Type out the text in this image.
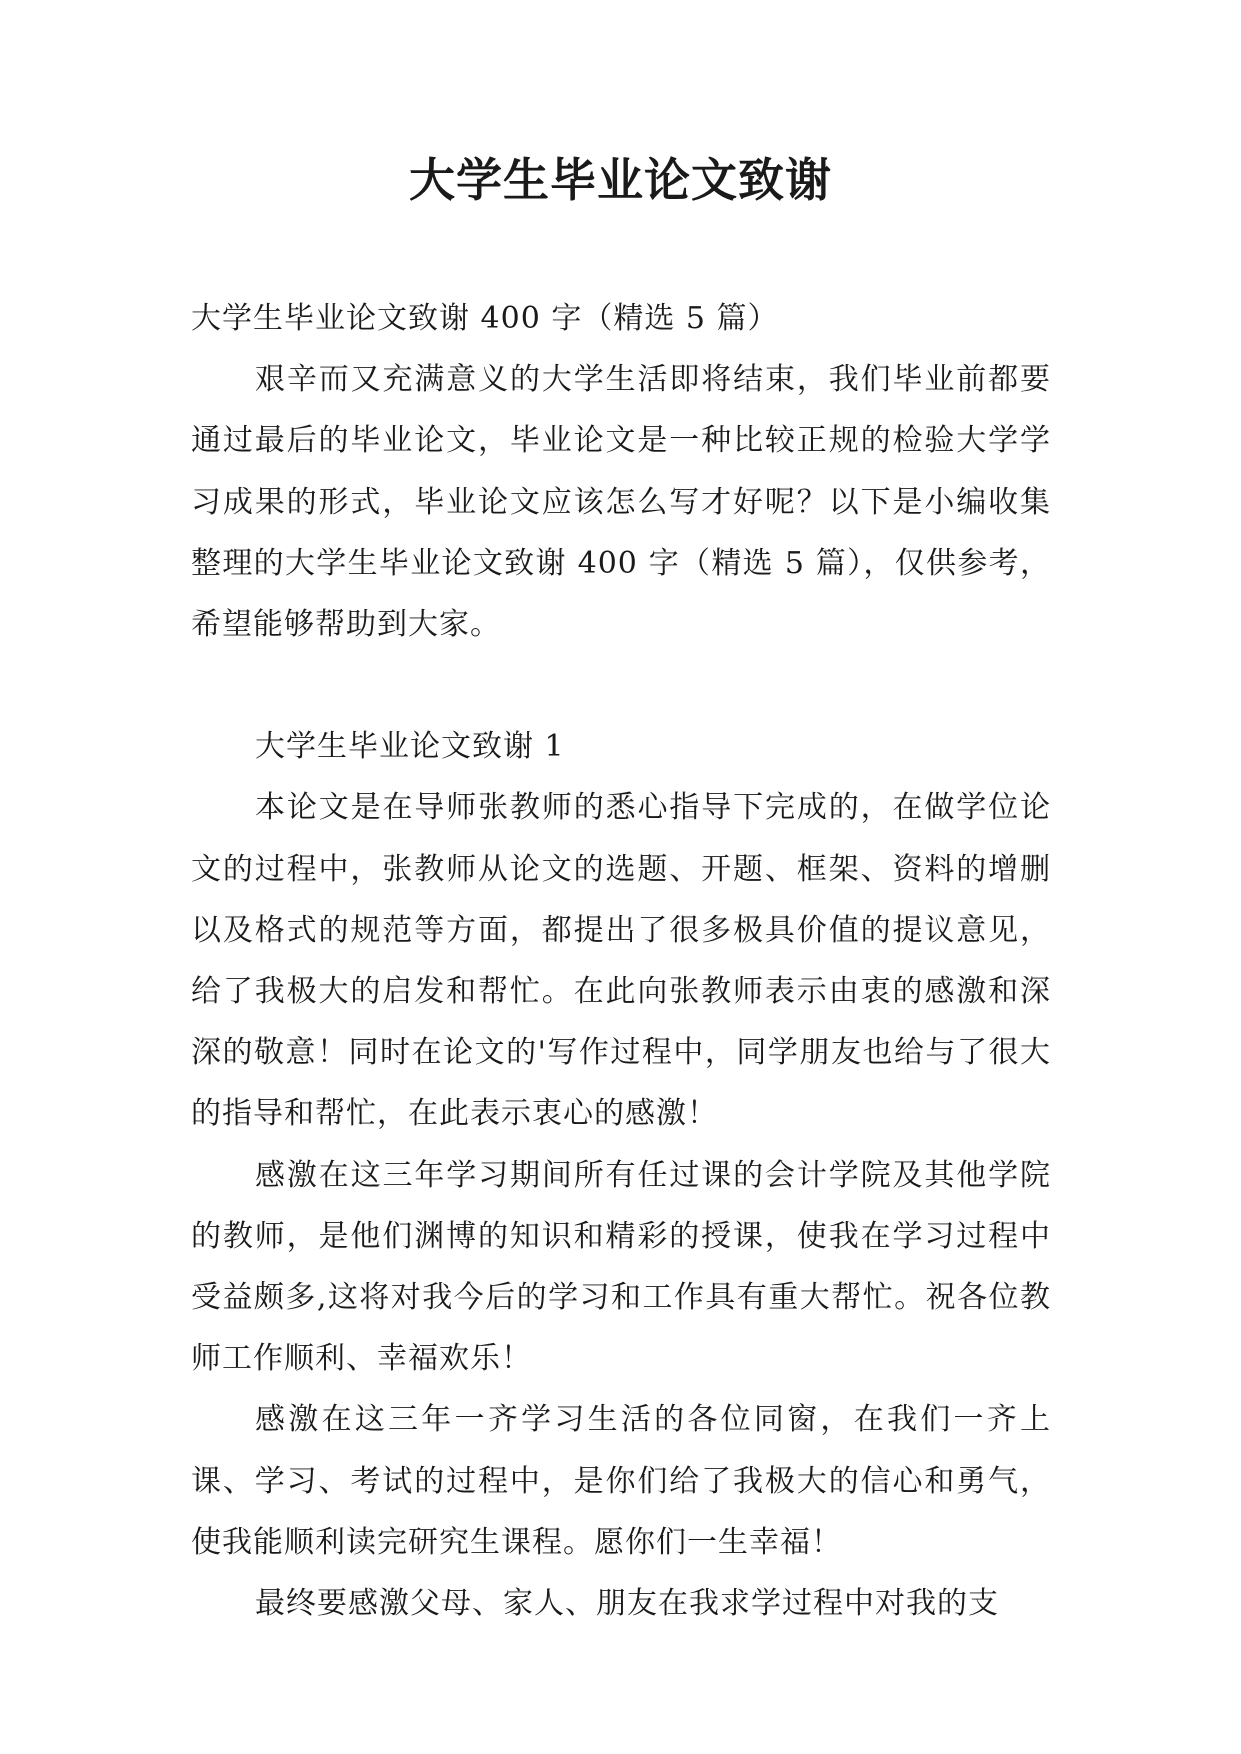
大学生毕业论文致谢

大学生毕业论文致谢 400 字（精选 5 篇）

艰辛而又充满意义的大学生活即将结束，我们毕业前都要通过最后的毕业论文，毕业论文是一种比较正规的检验大学学习成果的形式，毕业论文应该怎么写才好呢？以下是小编收集整理的大学生毕业论文致谢 400 字（精选 5 篇），仅供参考，希望能够帮助到大家。

大学生毕业论文致谢 1

本论文是在导师张教师的悉心指导下完成的，在做学位论文的过程中，张教师从论文的选题、开题、框架、资料的增删以及格式的规范等方面，都提出了很多极具价值的提议意见，给了我极大的启发和帮忙。在此向张教师表示由衷的感激和深深的敬意！同时在论文的'写作过程中，同学朋友也给与了很大的指导和帮忙，在此表示衷心的感激！

感激在这三年学习期间所有任过课的会计学院及其他学院的教师，是他们渊博的知识和精彩的授课，使我在学习过程中受益颇多,这将对我今后的学习和工作具有重大帮忙。祝各位教师工作顺利、幸福欢乐！

感激在这三年一齐学习生活的各位同窗，在我们一齐上课、学习、考试的过程中，是你们给了我极大的信心和勇气，使我能顺利读完研究生课程。愿你们一生幸福！

最终要感激父母、家人、朋友在我求学过程中对我的支
